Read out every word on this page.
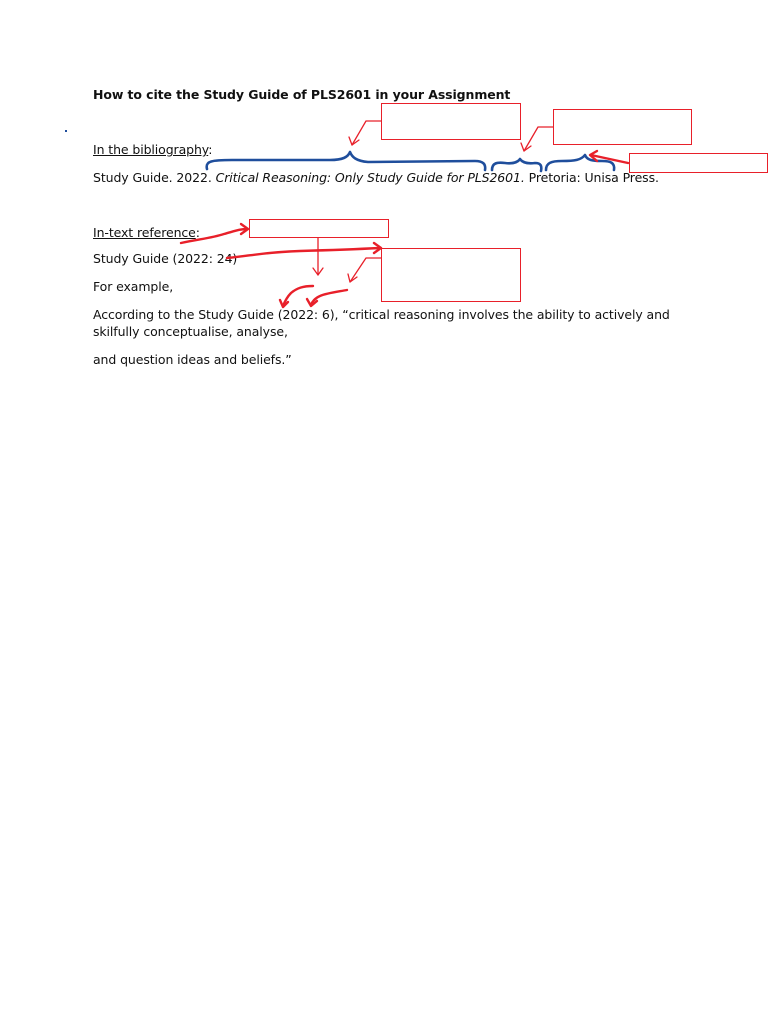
How to cite the Study Guide of PLS2601 in your Assignment
In the bibliography:
Study Guide. 2022. Critical Reasoning: Only Study Guide for PLS2601. Pretoria: Unisa Press.
In-text reference:
Study Guide (2022: 24)
For example,
According to the Study Guide (2022: 6), “critical reasoning involves the ability to actively and skilfully conceptualise, analyse,
and question ideas and beliefs.”
